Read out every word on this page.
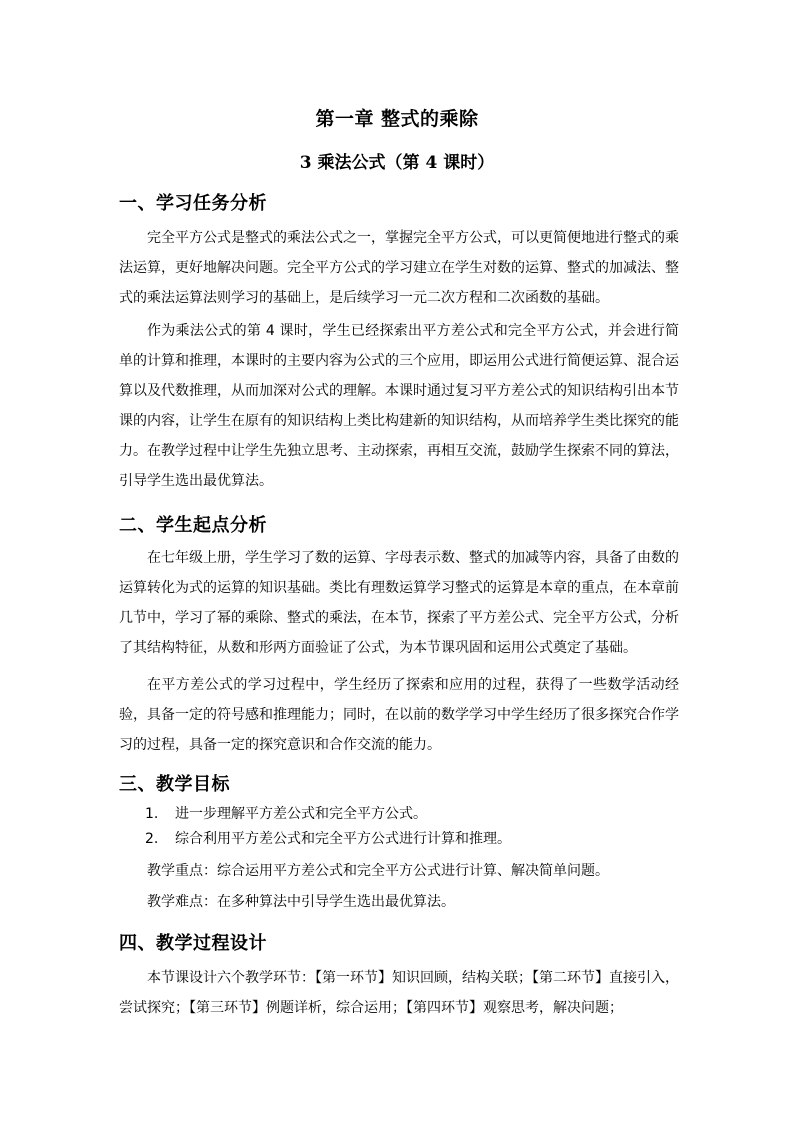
第一章 整式的乘除
3 乘法公式（第 4 课时）
一、学习任务分析
完全平方公式是整式的乘法公式之一，掌握完全平方公式，可以更简便地进行整式的乘法运算，更好地解决问题。完全平方公式的学习建立在学生对数的运算、整式的加减法、整式的乘法运算法则学习的基础上，是后续学习一元二次方程和二次函数的基础。
作为乘法公式的第 4 课时，学生已经探索出平方差公式和完全平方公式，并会进行简单的计算和推理，本课时的主要内容为公式的三个应用，即运用公式进行简便运算、混合运算以及代数推理，从而加深对公式的理解。本课时通过复习平方差公式的知识结构引出本节课的内容，让学生在原有的知识结构上类比构建新的知识结构，从而培养学生类比探究的能力。在教学过程中让学生先独立思考、主动探索，再相互交流，鼓励学生探索不同的算法，引导学生选出最优算法。
二、学生起点分析
在七年级上册，学生学习了数的运算、字母表示数、整式的加减等内容，具备了由数的运算转化为式的运算的知识基础。类比有理数运算学习整式的运算是本章的重点，在本章前几节中，学习了幂的乘除、整式的乘法，在本节，探索了平方差公式、完全平方公式，分析了其结构特征，从数和形两方面验证了公式，为本节课巩固和运用公式奠定了基础。
在平方差公式的学习过程中，学生经历了探索和应用的过程，获得了一些数学活动经验，具备一定的符号感和推理能力；同时，在以前的数学学习中学生经历了很多探究合作学习的过程，具备一定的探究意识和合作交流的能力。
三、教学目标
1. 进一步理解平方差公式和完全平方公式。
2. 综合利用平方差公式和完全平方公式进行计算和推理。
教学重点：综合运用平方差公式和完全平方公式进行计算、解决简单问题。
教学难点：在多种算法中引导学生选出最优算法。
四、教学过程设计
本节课设计六个教学环节：【第一环节】知识回顾，结构关联；【第二环节】直接引入，尝试探究；【第三环节】例题详析，综合运用；【第四环节】观察思考，解决问题；
